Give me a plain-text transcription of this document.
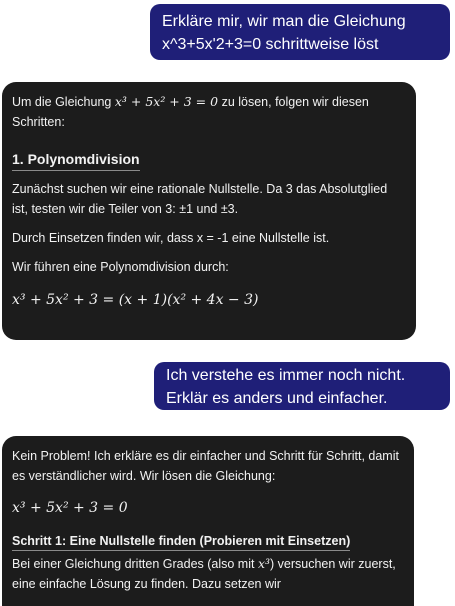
Erkläre mir, wir man die Gleichung
x^3+5x'2+3=0 schrittweise löst

Um die Gleichung x³ + 5x² + 3 = 0 zu lösen, folgen wir diesen Schritten:

1. Polynomdivision

Zunächst suchen wir eine rationale Nullstelle. Da 3 das Absolutglied ist, testen wir die Teiler von 3: ±1 und ±3.

Durch Einsetzen finden wir, dass x = -1 eine Nullstelle ist.

Wir führen eine Polynomdivision durch:

x³ + 5x² + 3 = (x + 1)(x² + 4x − 3)

Ich verstehe es immer noch nicht.
Erklär es anders und einfacher.

Kein Problem! Ich erkläre es dir einfacher und Schritt für Schritt, damit es verständlicher wird. Wir lösen die Gleichung:

x³ + 5x² + 3 = 0

Schritt 1: Eine Nullstelle finden (Probieren mit Einsetzen)

Bei einer Gleichung dritten Grades (also mit x³) versuchen wir zuerst, eine einfache Lösung zu finden. Dazu setzen wir
